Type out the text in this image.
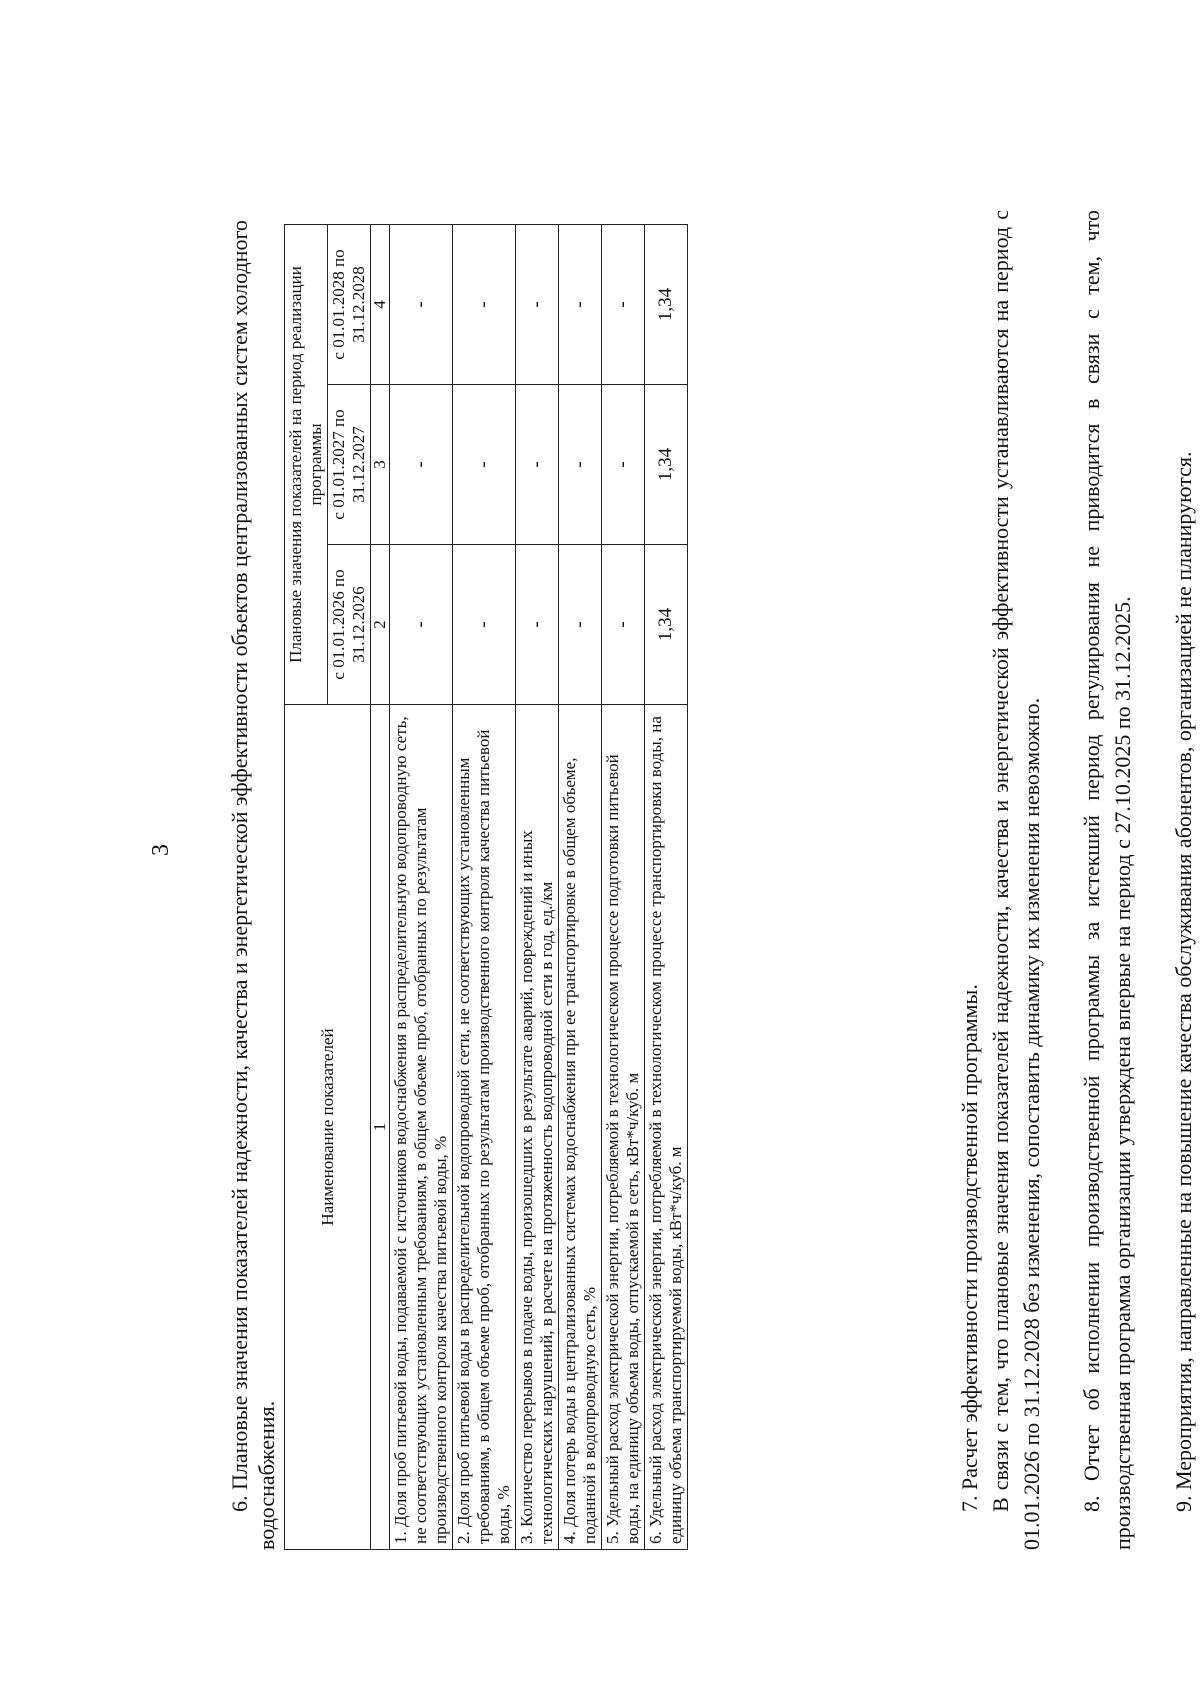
3 6. Плановые значения показателей надежности, качества и энергетической эффективности объектов централизованных систем холодного водоснабжения.
Наименование показателей	Плановые значения показателей на период реализации программы		
	с 01.01.2026 по 31.12.2026	с 01.01.2027 по 31.12.2027	с 01.01.2028 по 31.12.2028
1	2	3	4
1. Доля проб питьевой воды, подаваемой с источников водоснабжения в распределительную водопроводную сеть, не соответствующих установленным требованиям, в общем объеме проб, отобранных по результатам производственного контроля качества питьевой воды, %	-	-	-
2. Доля проб питьевой воды в распределительной водопроводной сети, не соответствующих установленным требованиям, в общем объеме проб, отобранных по результатам производственного контроля качества питьевой воды, %	-	-	-
3. Количество перерывов в подаче воды, произошедших в результате аварий, повреждений и иных технологических нарушений, в расчете на протяженность водопроводной сети в год, ед./км	-	-	-
4. Доля потерь воды в централизованных системах водоснабжения при ее транспортировке в общем объеме, поданной в водопроводную сеть, %	-	-	-
5. Удельный расход электрической энергии, потребляемой в технологическом процессе подготовки питьевой воды, на единицу объема воды, отпускаемой в сеть, кВт*ч/куб. м	-	-	-
6. Удельный расход электрической энергии, потребляемой в технологическом процессе транспортировки воды, на единицу объема транспортируемой воды, кВт*ч/куб. м	1,34	1,34	1,34
7. Расчет эффективности производственной программы. В связи с тем, что плановые значения показателей надежности, качества и энергетической эффективности устанавливаются на период с 01.01.2026 по 31.12.2028 без изменения, сопоставить динамику их изменения невозможно. 8. Отчет об исполнении производственной программы за истекший период регулирования не приводится в связи с тем, что производственная программа организации утверждена впервые на период с 27.10.2025 по 31.12.2025. 9. Мероприятия, направленные на повышение качества обслуживания абонентов, организацией не планируются.
